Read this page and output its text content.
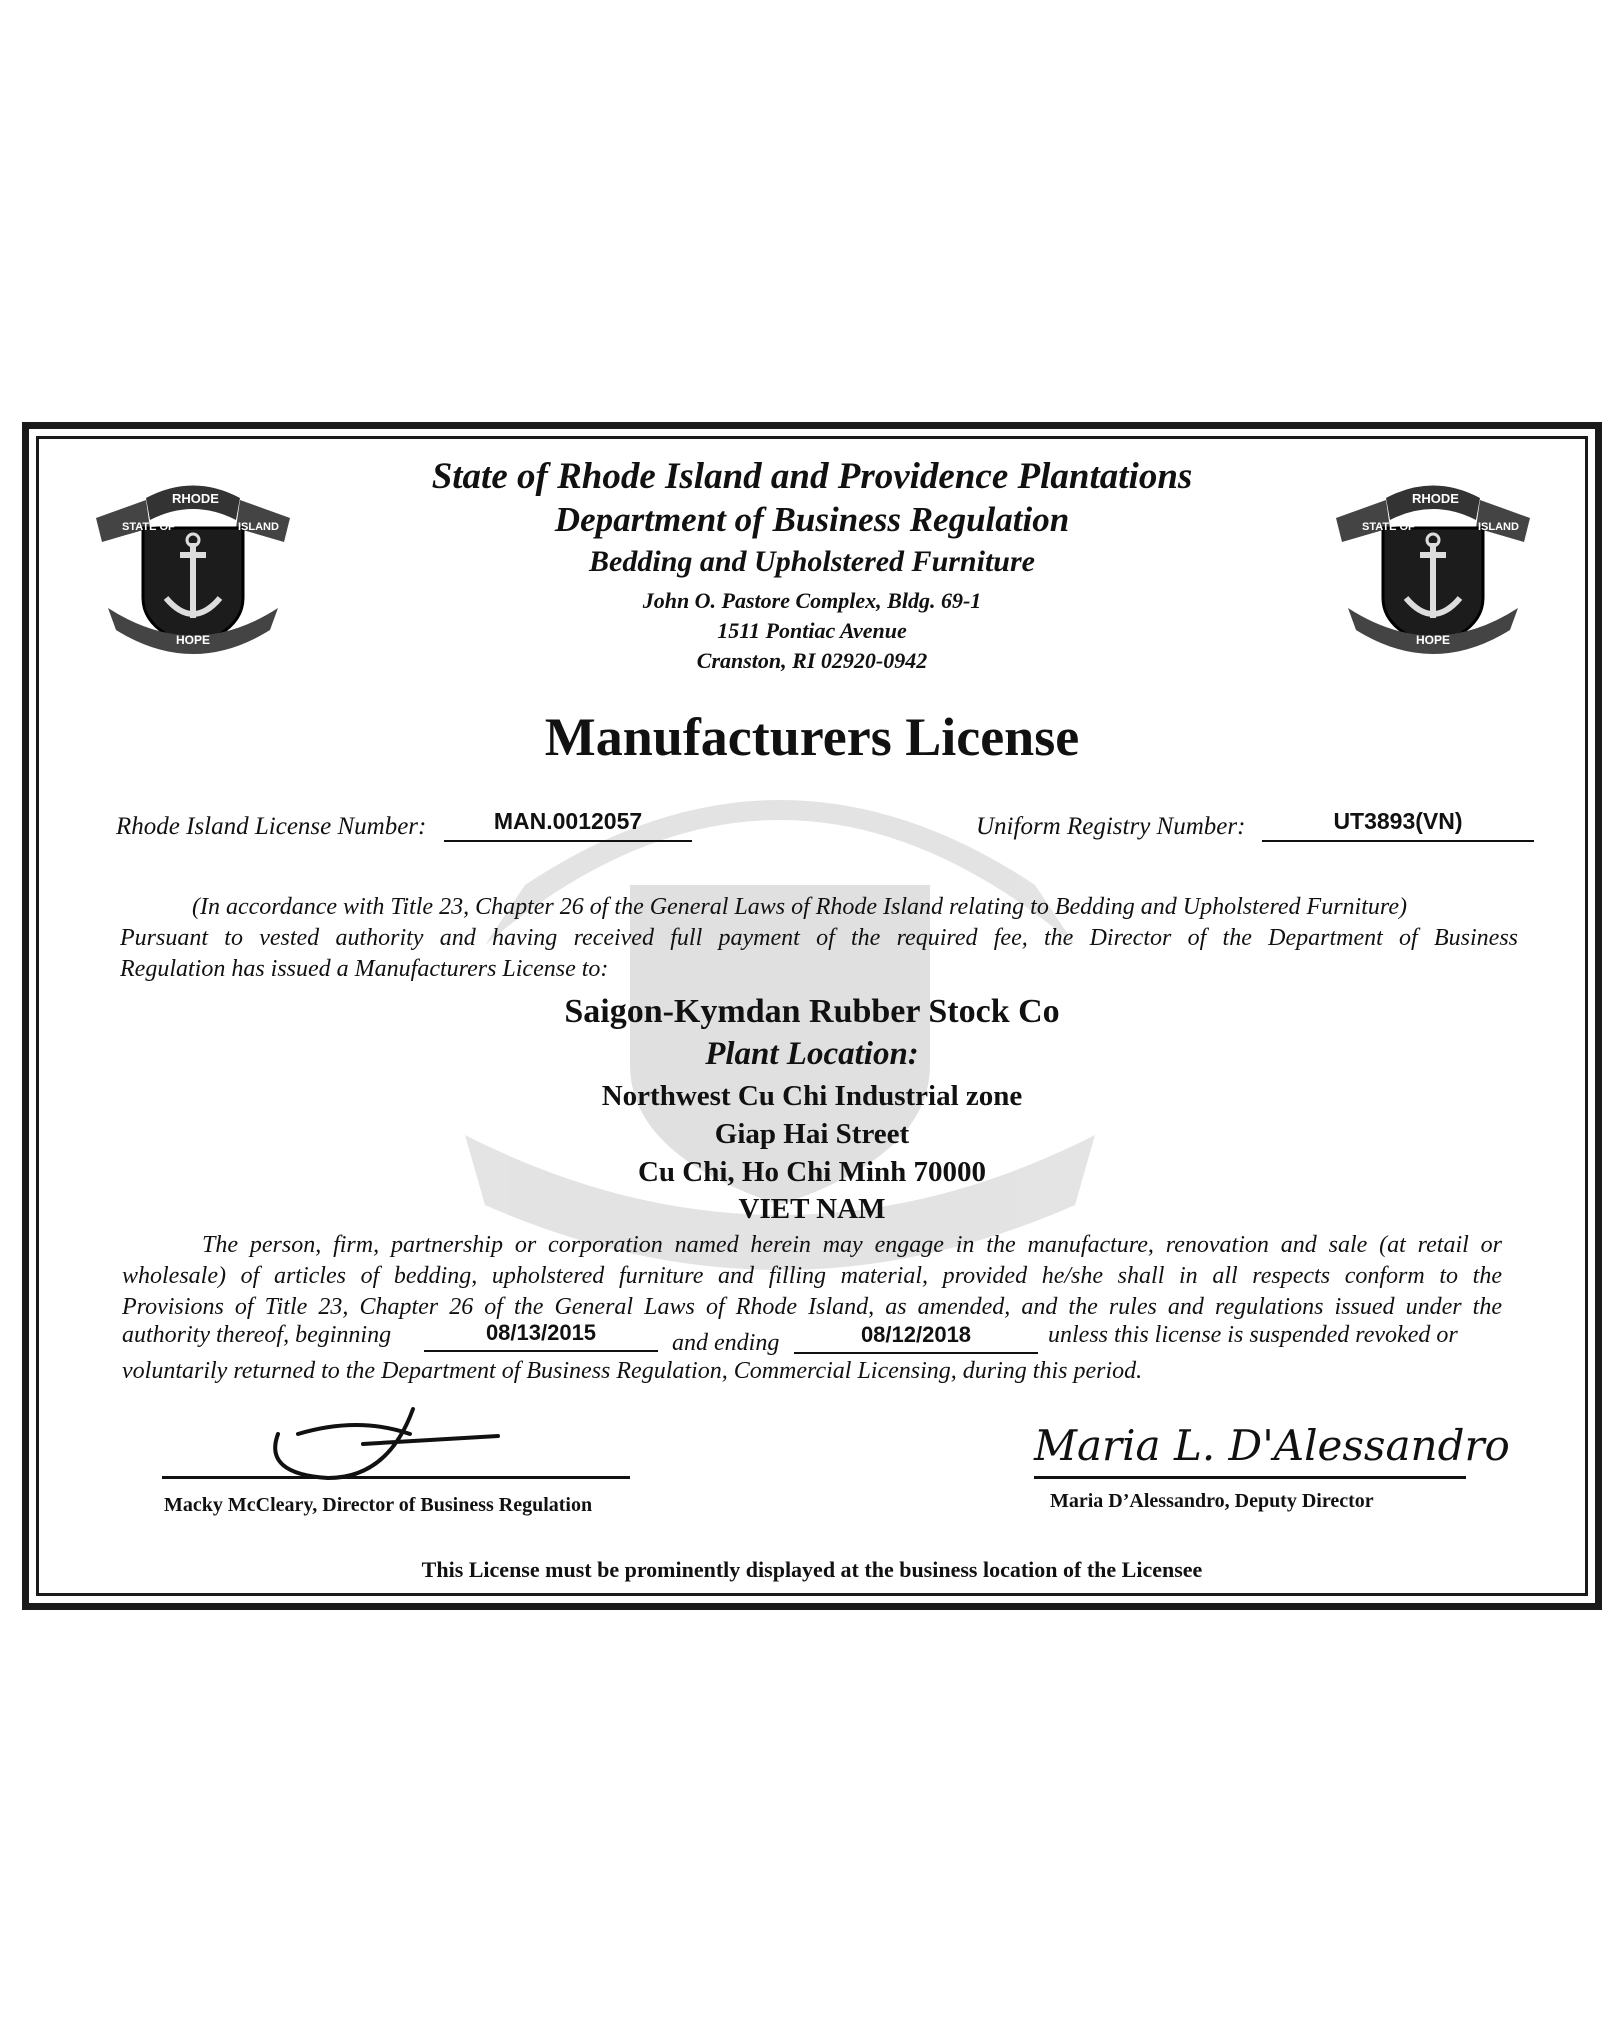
STATE OF
RHODE
ISLAND
HOPE
STATE OF
RHODE
ISLAND
HOPE
State of Rhode Island and Providence Plantations
Department of Business Regulation
Bedding and Upholstered Furniture
John O. Pastore Complex, Bldg. 69-1
1511 Pontiac Avenue
Cranston, RI 02920-0942
Manufacturers License
Rhode Island License Number:	MAN.0012057	Uniform Registry Number:	UT3893(VN)
(In accordance with Title 23, Chapter 26 of the General Laws of Rhode Island relating to Bedding and Upholstered Furniture)
Pursuant to vested authority and having received full payment of the required fee, the Director of the Department of Business
Regulation has issued a Manufacturers License to:
Saigon-Kymdan Rubber Stock Co
Plant Location:
Northwest Cu Chi Industrial zone
Giap Hai Street
Cu Chi, Ho Chi Minh 70000
VIET NAM
The person, firm, partnership or corporation named herein may engage in the manufacture, renovation and sale (at retail or
wholesale) of articles of bedding, upholstered furniture and filling material, provided he/she shall in all respects conform to the
Provisions of Title 23, Chapter 26 of the General Laws of Rhode Island, as amended, and the rules and regulations issued under the
authority thereof, beginning	08/13/2015	and ending	08/12/2018	unless this license is suspended revoked or
voluntarily returned to the Department of Business Regulation, Commercial Licensing, during this period.
Macky McCleary, Director of Business Regulation
Maria L. D'Alessandro
Maria D’Alessandro, Deputy Director
This License must be prominently displayed at the business location of the Licensee
